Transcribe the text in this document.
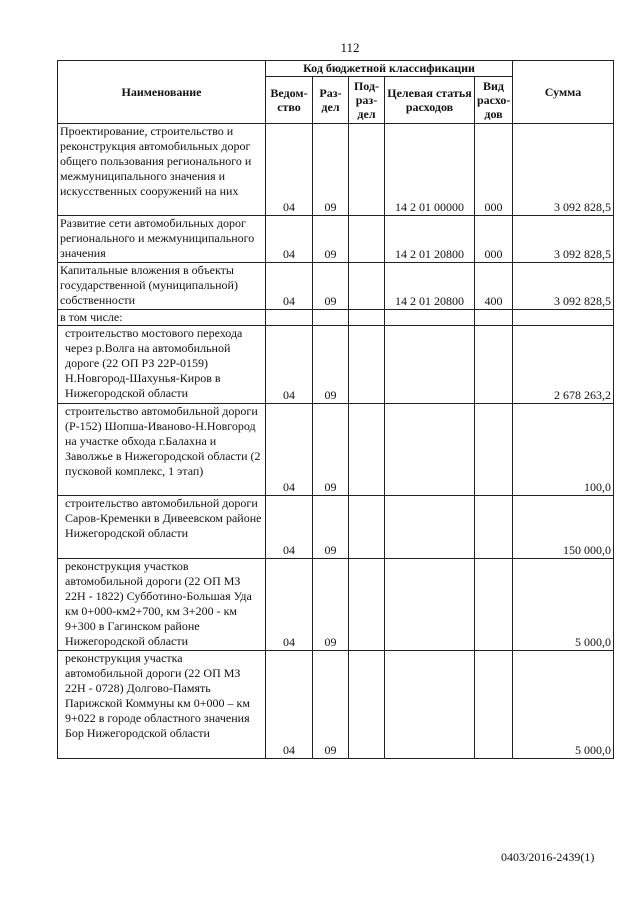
112
Наименование	Код бюджетной классификации					Сумма
	Ведом-ство	Раз-дел	Под-раз-дел	Целевая статья расходов	Вид расхо-дов	
Проектирование, строительство и реконструкция автомобильных дорог общего пользования регионального и межмуниципального значения и искусственных сооружений на них	04	09		14 2 01 00000	000	3 092 828,5
Развитие сети автомобильных дорог регионального и межмуниципального значения	04	09		14 2 01 20800	000	3 092 828,5
Капитальные вложения в объекты государственной (муниципальной) собственности	04	09		14 2 01 20800	400	3 092 828,5
в том числе:						
строительство мостового перехода через р.Волга на автомобильной дороге (22 ОП РЗ 22Р-0159) Н.Новгород-Шахунья-Киров в Нижегородской области	04	09				2 678 263,2
строительство автомобильной дороги (Р-152) Шопша-Иваново-Н.Новгород на участке обхода г.Балахна и Заволжье в Нижегородской области (2 пусковой комплекс, 1 этап)	04	09				100,0
строительство автомобильной дороги Саров-Кременки в Дивеевском районе Нижегородской области	04	09				150 000,0
реконструкция участков автомобильной дороги (22 ОП МЗ 22Н - 1822) Субботино-Большая Уда км 0+000-км2+700, км 3+200 - км 9+300 в Гагинском районе Нижегородской области	04	09				5 000,0
реконструкция участка автомобильной дороги (22 ОП МЗ 22Н - 0728) Долгово-Память Парижской Коммуны км 0+000 – км 9+022 в городе областного значения Бор Нижегородской области	04	09				5 000,0
0403/2016-2439(1)
